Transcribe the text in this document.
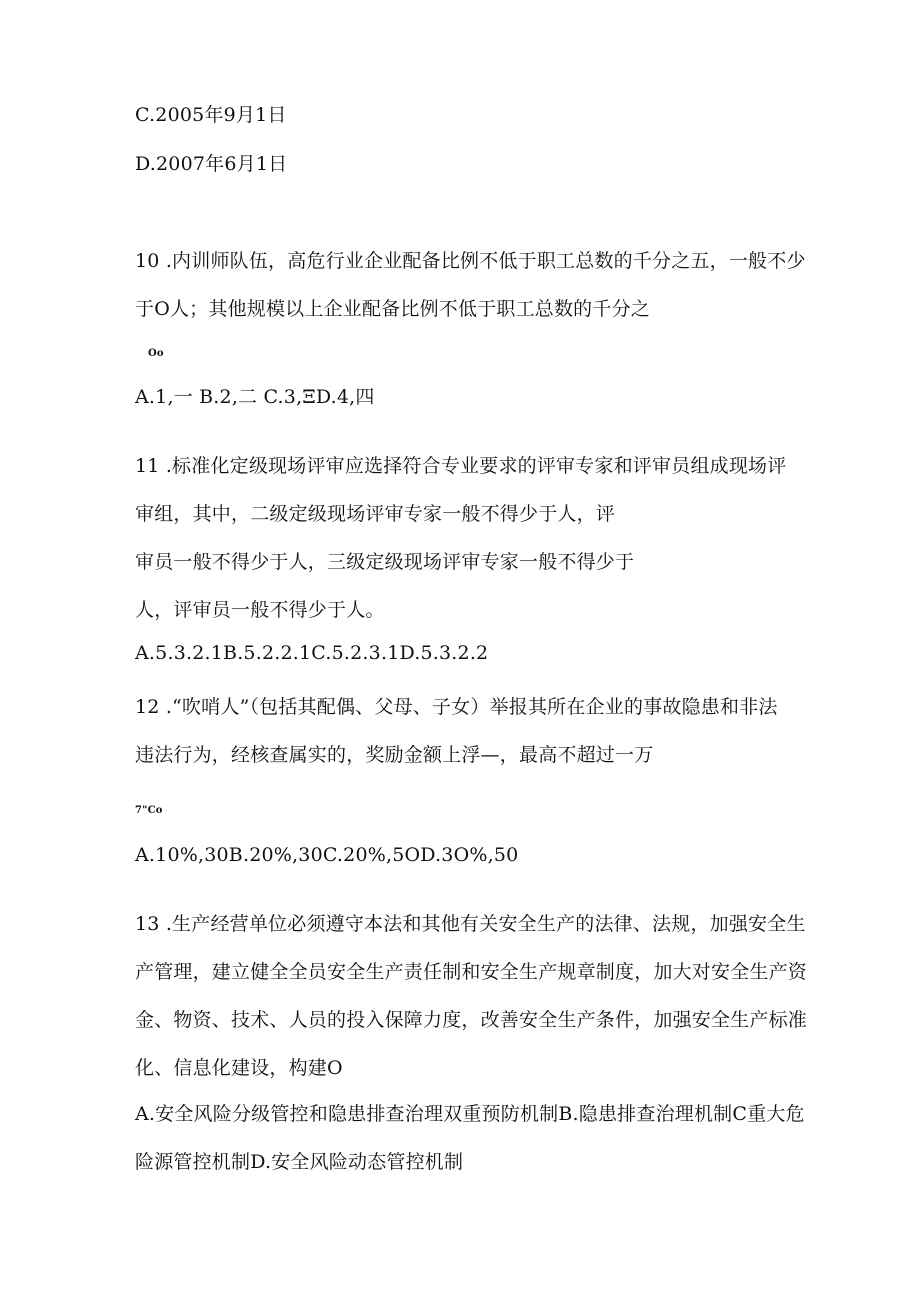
C.2005年9月1日
D.2007年6月1日
10 .内训师队伍，高危行业企业配备比例不低于职工总数的千分之五，一般不少
于O人；其他规模以上企业配备比例不低于职工总数的千分之
Oo
A.1,一 B.2,二 C.3,ΞD.4,四
11 .标准化定级现场评审应选择符合专业要求的评审专家和评审员组成现场评
审组，其中，二级定级现场评审专家一般不得少于人，评
审员一般不得少于人，三级定级现场评审专家一般不得少于
人，评审员一般不得少于人。
A.5.3.2.1B.5.2.2.1C.5.2.3.1D.5.3.2.2
12 .“吹哨人”（包括其配偶、父母、子女）举报其所在企业的事故隐患和非法
违法行为，经核查属实的，奖励金额上浮—，最高不超过一万
7"Co
A.10%,30B.20%,30C.20%,5OD.3O%,50
13 .生产经营单位必须遵守本法和其他有关安全生产的法律、法规，加强安全生
产管理，建立健全全员安全生产责任制和安全生产规章制度，加大对安全生产资
金、物资、技术、人员的投入保障力度，改善安全生产条件，加强安全生产标准
化、信息化建设，构建O
A.安全风险分级管控和隐患排查治理双重预防机制B.隐患排查治理机制C重大危
险源管控机制D.安全风险动态管控机制
